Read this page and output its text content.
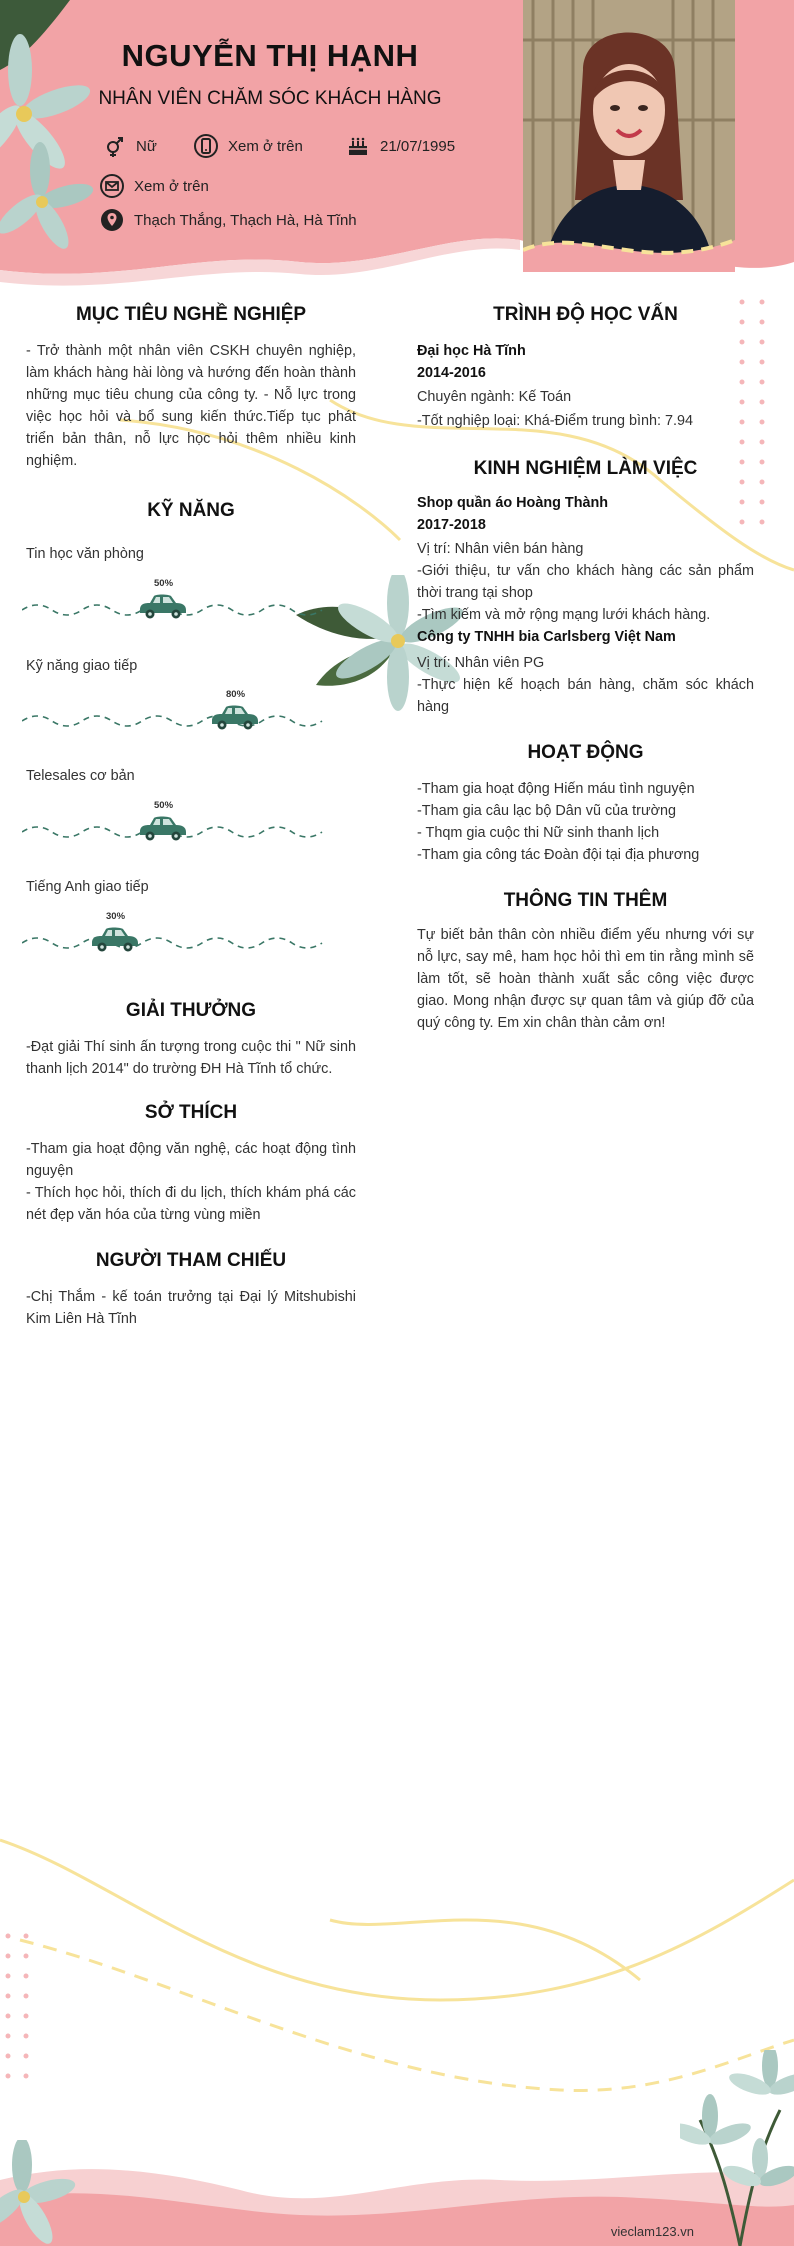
NGUYỄN THỊ HẠNH
NHÂN VIÊN CHĂM SÓC KHÁCH HÀNG
Nữ	Xem ở trên	21/07/1995
Xem ở trên
Thạch Thắng, Thạch Hà, Hà Tĩnh
MỤC TIÊU NGHỀ NGHIỆP
- Trở thành một nhân viên CSKH chuyên nghiệp, làm khách hàng hài lòng và hướng đến hoàn thành những mục tiêu chung của công ty. - Nỗ lực trong việc học hỏi và bổ sung kiến thức.Tiếp tục phát triển bản thân, nỗ lực học hỏi thêm nhiều kinh nghiệm.
KỸ NĂNG
Tin học văn phòng
Kỹ năng giao tiếp
Telesales cơ bản
Tiếng Anh giao tiếp
50%
80%
50%
30%
GIẢI THƯỞNG
-Đạt giải Thí sinh ấn tượng trong cuộc thi " Nữ sinh thanh lịch 2014" do trường ĐH Hà Tĩnh tổ chức.
SỞ THÍCH
-Tham gia hoạt động văn nghệ, các hoạt động tình nguyện
- Thích học hỏi, thích đi du lịch, thích khám phá các nét đẹp văn hóa của từng vùng miền
NGƯỜI THAM CHIẾU
-Chị Thắm - kế toán trưởng tại Đại lý Mitshubishi Kim Liên Hà Tĩnh
TRÌNH ĐỘ HỌC VẤN
Đại học Hà Tĩnh
2014-2016
Chuyên ngành: Kế Toán
-Tốt nghiệp loại: Khá-Điểm trung bình: 7.94
KINH NGHIỆM LÀM VIỆC
Shop quần áo Hoàng Thành
2017-2018
Vị trí: Nhân viên bán hàng
-Giới thiệu, tư vấn cho khách hàng các sản phẩm thời trang tại shop
-Tìm kiếm và mở rộng mạng lưới khách hàng.
Công ty TNHH bia Carlsberg Việt Nam
Vị trí: Nhân viên PG
-Thực hiện kế hoạch bán hàng, chăm sóc khách hàng
HOẠT ĐỘNG
-Tham gia hoạt động Hiến máu tình nguyện
-Tham gia câu lạc bộ Dân vũ của trường
- Thqm gia cuộc thi Nữ sinh thanh lịch
-Tham gia công tác Đoàn đội tại địa phương
THÔNG TIN THÊM
Tự biết bản thân còn nhiều điểm yếu nhưng với sự nỗ lực, say mê, ham học hỏi thì em tin rằng mình sẽ làm tốt, sẽ hoàn thành xuất sắc công việc được giao. Mong nhận được sự quan tâm và giúp đỡ của quý công ty. Em xin chân thàn cảm ơn!
vieclam123.vn
